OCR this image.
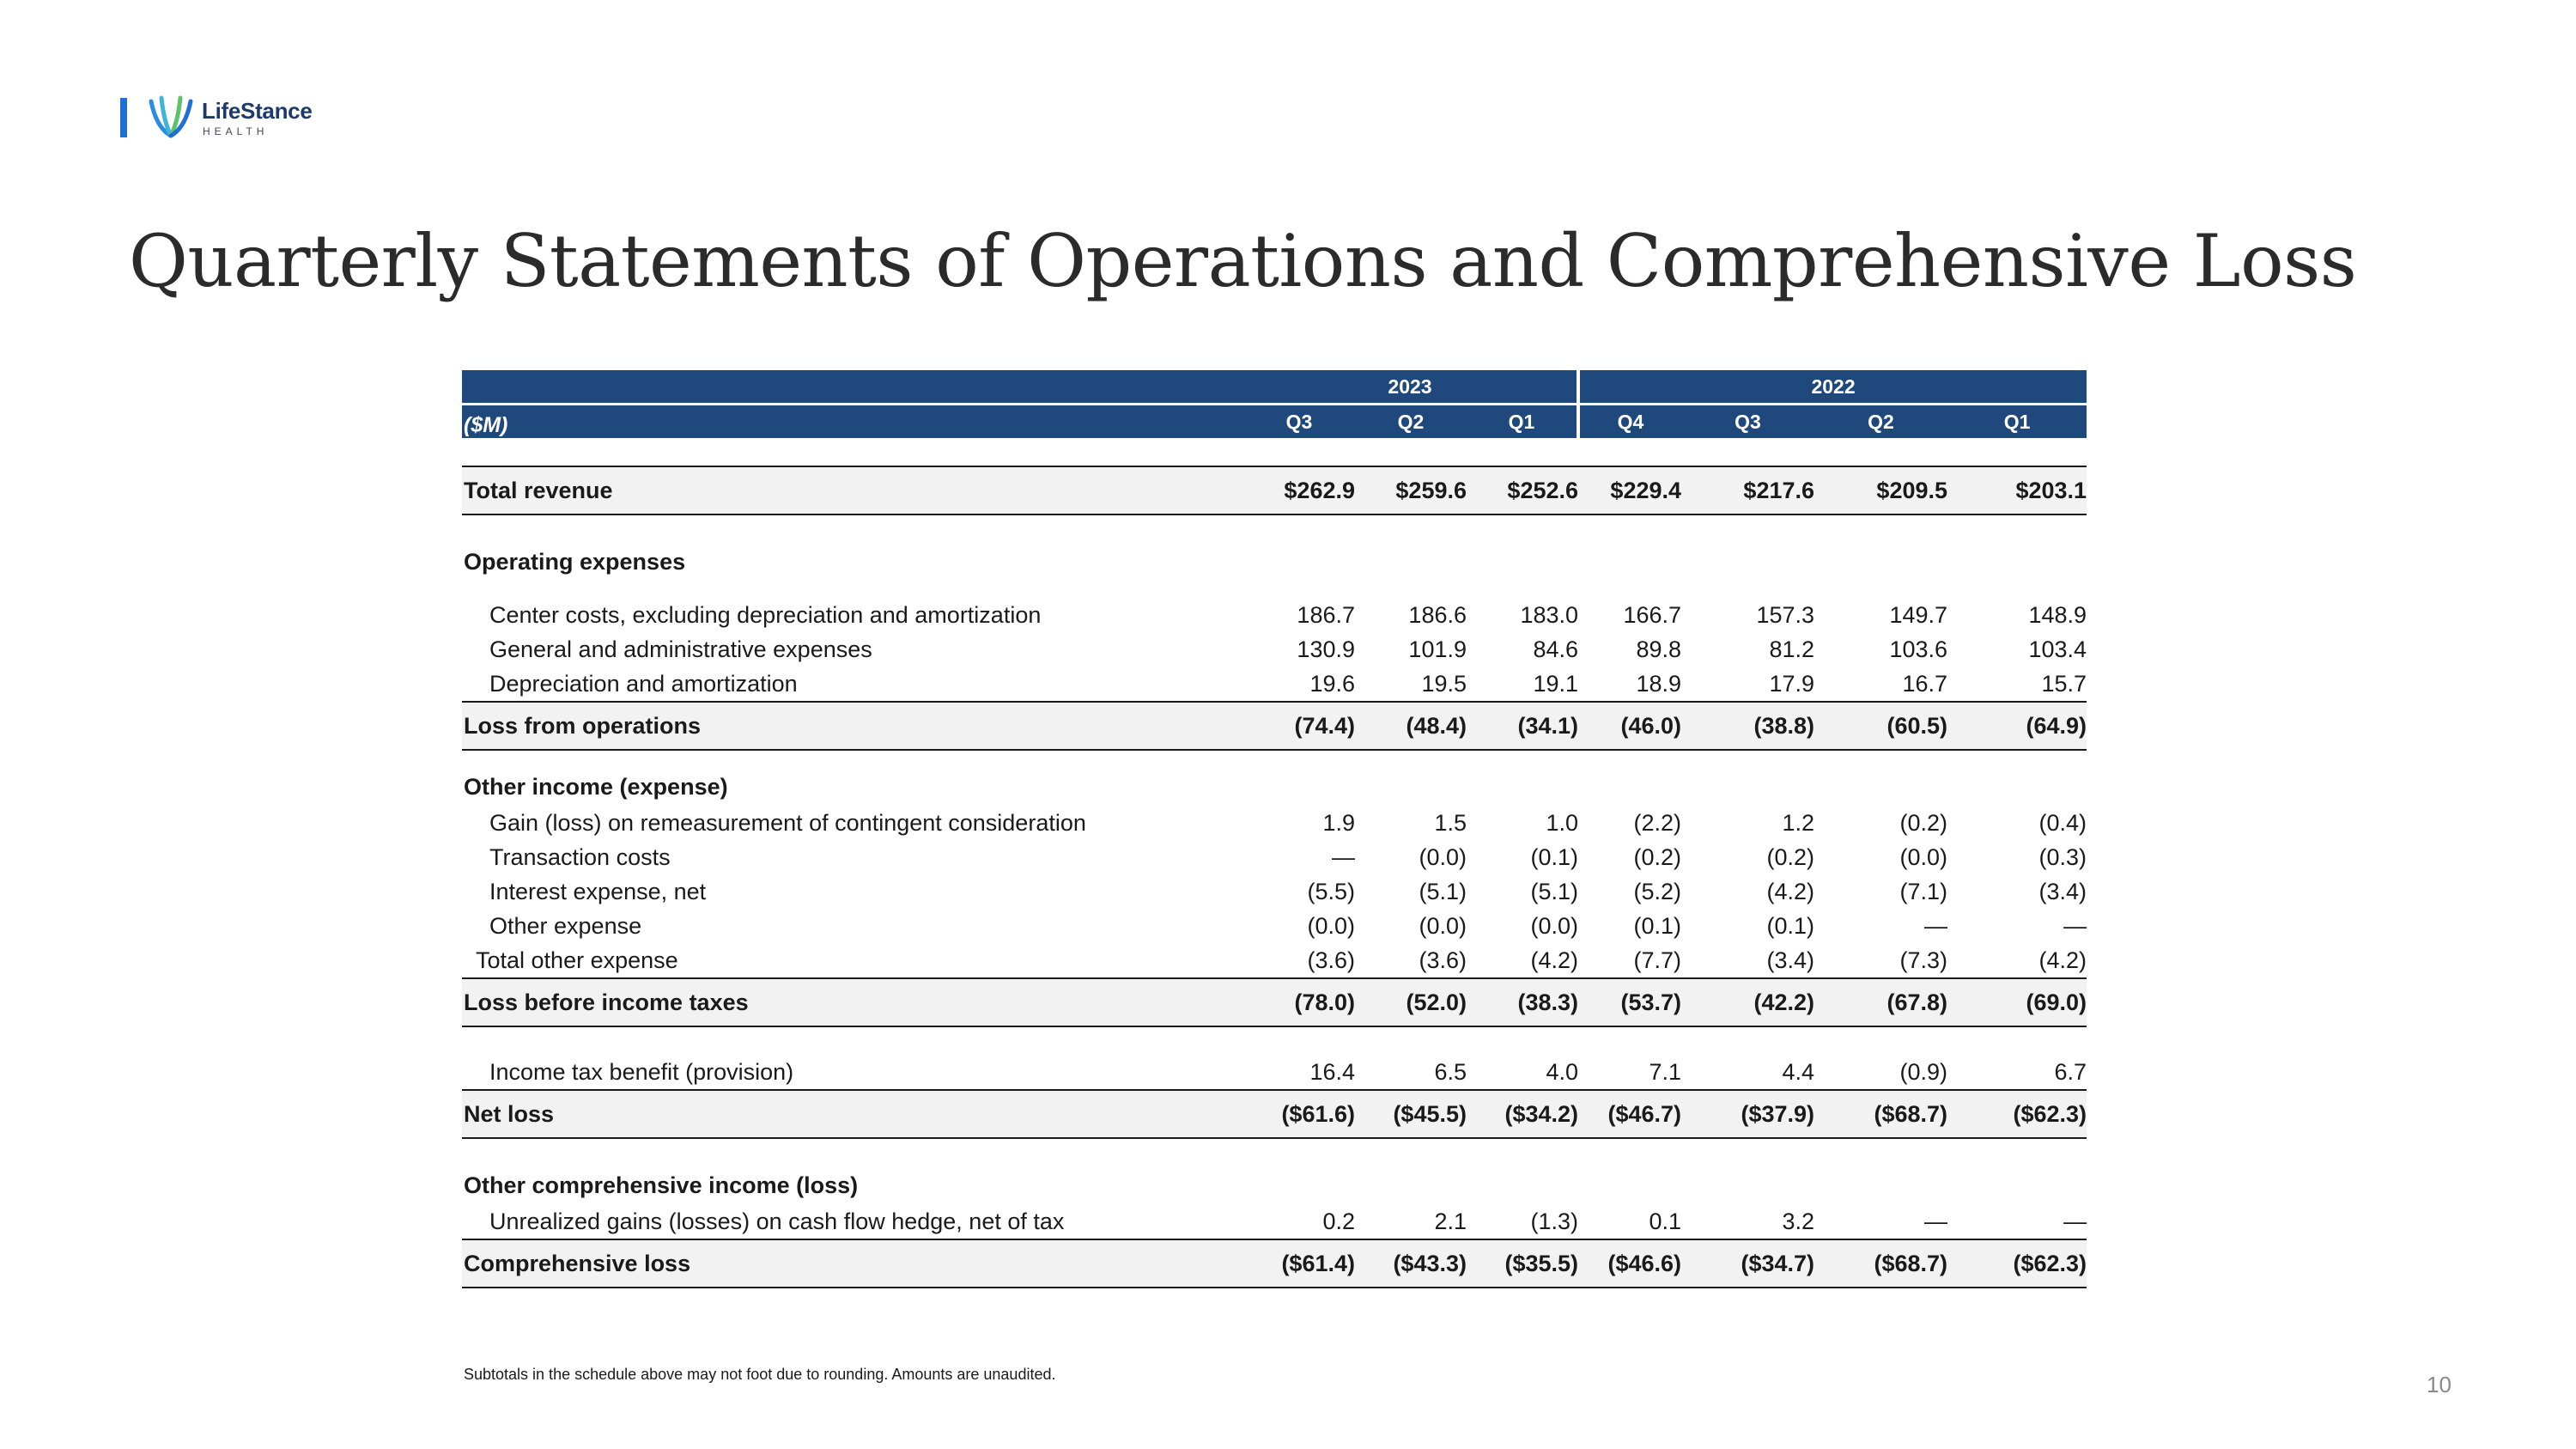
LifeStance
HEALTH
Quarterly Statements of Operations and Comprehensive Loss
	2023			2022			
($M)	Q3	Q2	Q1	Q4	Q3	Q2	Q1

Total revenue	$262.9	$259.6	$252.6	$229.4	$217.6	$209.5	$203.1

Operating expenses							

Center costs, excluding depreciation and amortization	186.7	186.6	183.0	166.7	157.3	149.7	148.9
General and administrative expenses	130.9	101.9	84.6	89.8	81.2	103.6	103.4
Depreciation and amortization	19.6	19.5	19.1	18.9	17.9	16.7	15.7
Loss from operations	(74.4)	(48.4)	(34.1)	(46.0)	(38.8)	(60.5)	(64.9)

Other income (expense)							
Gain (loss) on remeasurement of contingent consideration	1.9	1.5	1.0	(2.2)	1.2	(0.2)	(0.4)
Transaction costs	—	(0.0)	(0.1)	(0.2)	(0.2)	(0.0)	(0.3)
Interest expense, net	(5.5)	(5.1)	(5.1)	(5.2)	(4.2)	(7.1)	(3.4)
Other expense	(0.0)	(0.0)	(0.0)	(0.1)	(0.1)	—	—
Total other expense	(3.6)	(3.6)	(4.2)	(7.7)	(3.4)	(7.3)	(4.2)
Loss before income taxes	(78.0)	(52.0)	(38.3)	(53.7)	(42.2)	(67.8)	(69.0)

Income tax benefit (provision)	16.4	6.5	4.0	7.1	4.4	(0.9)	6.7
Net loss	($61.6)	($45.5)	($34.2)	($46.7)	($37.9)	($68.7)	($62.3)

Other comprehensive income (loss)							
Unrealized gains (losses) on cash flow hedge, net of tax	0.2	2.1	(1.3)	0.1	3.2	—	—
Comprehensive loss	($61.4)	($43.3)	($35.5)	($46.6)	($34.7)	($68.7)	($62.3)
Subtotals in the schedule above may not foot due to rounding. Amounts are unaudited.	10
